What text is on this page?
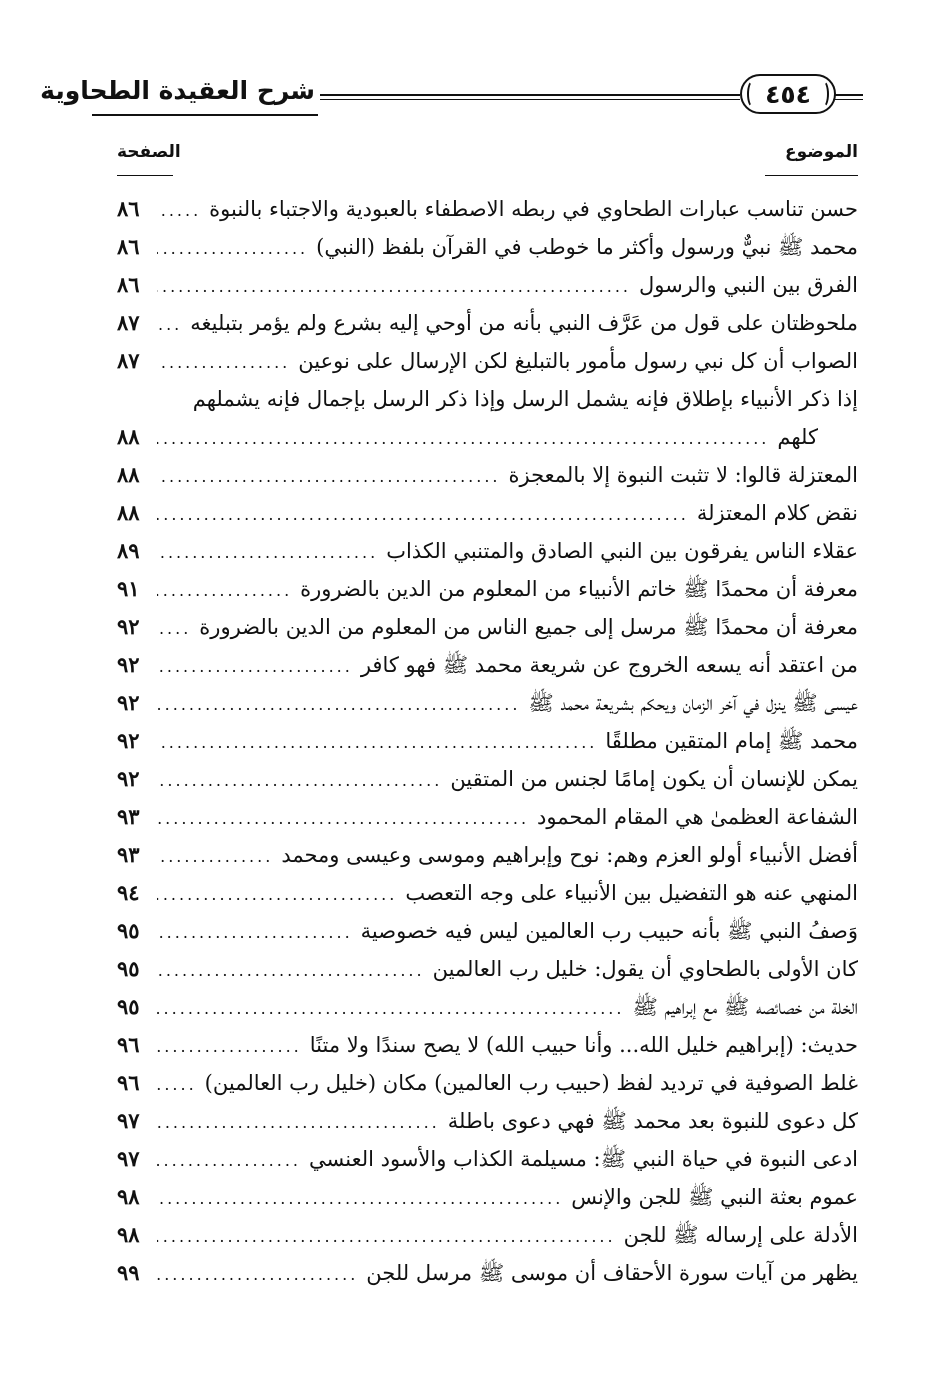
٤٥٤
شرح العقيدة الطحاوية
الموضوع
الصفحة
حسن تناسب عبارات الطحاوي في ربطه الاصطفاء بالعبودية والاجتباء بالنبوة
.....
٨٦
محمد ﷺ نبيٌّ ورسول وأكثر ما خوطب في القرآن بلفظ (النبي)
.....
٨٦
الفرق بين النبي والرسول
.....
٨٦
ملحوظتان على قول من عَرَّف النبي بأنه من أوحي إليه بشرع ولم يؤمر بتبليغه
.....
٨٧
الصواب أن كل نبي رسول مأمور بالتبليغ لكن الإرسال على نوعين
.....
٨٧
إذا ذكر الأنبياء بإطلاق فإنه يشمل الرسل وإذا ذكر الرسل بإجمال فإنه يشملهم
كلهم
.....
٨٨
المعتزلة قالوا: لا تثبت النبوة إلا بالمعجزة
.....
٨٨
نقض كلام المعتزلة
.....
٨٨
عقلاء الناس يفرقون بين النبي الصادق والمتنبي الكذاب
.....
٨٩
معرفة أن محمدًا ﷺ خاتم الأنبياء من المعلوم من الدين بالضرورة
.....
٩١
معرفة أن محمدًا ﷺ مرسل إلى جميع الناس من المعلوم من الدين بالضرورة
.....
٩٢
من اعتقد أنه يسعه الخروج عن شريعة محمد ﷺ فهو كافر
.....
٩٢
عيسى ﷺ ينزل في آخر الزمان ويحكم بشريعة محمد ﷺ
.....
٩٢
محمد ﷺ إمام المتقين مطلقًا
.....
٩٢
يمكن للإنسان أن يكون إمامًا لجنس من المتقين
.....
٩٢
الشفاعة العظمىٰ هي المقام المحمود
.....
٩٣
أفضل الأنبياء أولو العزم وهم: نوح وإبراهيم وموسى وعيسى ومحمد
.....
٩٣
المنهي عنه هو التفضيل بين الأنبياء على وجه التعصب
.....
٩٤
وَصفُ النبي ﷺ بأنه حبيب رب العالمين ليس فيه خصوصية
.....
٩٥
كان الأولى بالطحاوي أن يقول: خليل رب العالمين
.....
٩٥
الخلة من خصائصه ﷺ مع إبراهيم ﷺ
.....
٩٥
حديث: (إبراهيم خليل الله... وأنا حبيب الله) لا يصح سندًا ولا متنًا
.....
٩٦
غلط الصوفية في ترديد لفظ (حبيب رب العالمين) مكان (خليل رب العالمين)
.....
٩٦
كل دعوى للنبوة بعد محمد ﷺ فهي دعوى باطلة
.....
٩٧
ادعى النبوة في حياة النبي ﷺ: مسيلمة الكذاب والأسود العنسي
.....
٩٧
عموم بعثة النبي ﷺ للجن والإنس
.....
٩٨
الأدلة على إرساله ﷺ للجن
.....
٩٨
يظهر من آيات سورة الأحقاف أن موسى ﷺ مرسل للجن
.....
٩٩
